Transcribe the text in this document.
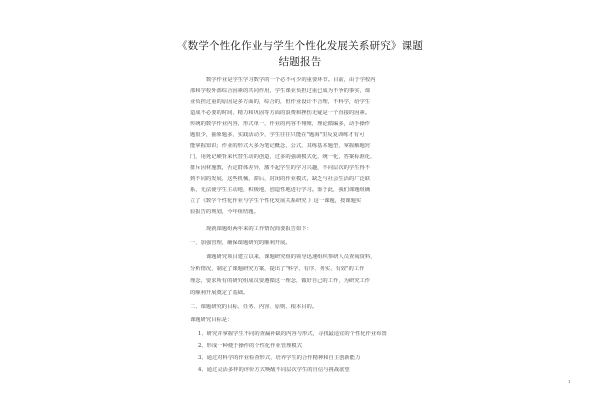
《数学个性化作业与学生个性化发展关系研究》课题
结题报告
数学作业是学生学习数学的一个必不可少的重要环节。目前，由于学校内
部和学校外部综合因素的共同作用，学生课业负担过重已成为不争的事实，课
业负担过重的原因是多方面的，综合的，但作业设计不合理，不科学，给学生
造成不必要的时间、精力和巩固等方面的浪费和挫伤无疑是一个直接的因素。
传统的数学作业内容，形式单一，作业的内容不翔殖，理论循编多，动手操作
题很少，抽象题多，实践活动少，学生往往只能在"题海"里反复训练才有可
能掌握知识；作业的形式大多为笔记概念，公式，其练基本题型，掌握解题窍
门，用死记硬背来代替生动的创造，过多的强调模式化，统一化，答案标准化，
排斥因材施教，否定群体差异，激不起学生的学习兴趣，不同层次的学生得不
到不同的发展，这些机械，滞后，封闭的作业模式，缺乏与社会生活的广泛联
系，无法使学生主动地，积极地，创造性地进行学习。鉴于此，我们课题组确
立了《数学个性化作业与学生个性化发展关系研究 》这一课题，按课题实
验报告的规划，今年组结题。
现就课题组两年来的工作情况简要报告如下：
一、加强管理，确保课题研究的顺利开展。
课题研究项目建立以来，课题研究组的领导迅速组织参研人员查阅资料，
分析情况，制定了课题研究方案，提出了"科学、有序、务实、有效"的工作
理念，要求所有的研究组成员要遵循这一理念，做好自己的工作，为研究工作
的顺利开展奠定了基础。
二、课题研究的目标、任务、内容、原则、根本目的。
课题研究目标是：
1、研究并掌握学生不同的查漏补缺的内容与形式，寻找最适宜的个性化作业布置
2、形成一种便于操作的个性化作业管理模式
3、通过对科学的作业检查形式，培养学生的合作精神和自主创新能力
4、通过灵活多样的评价方式唤醒不同层次学生的自信与挑战欲望
1
